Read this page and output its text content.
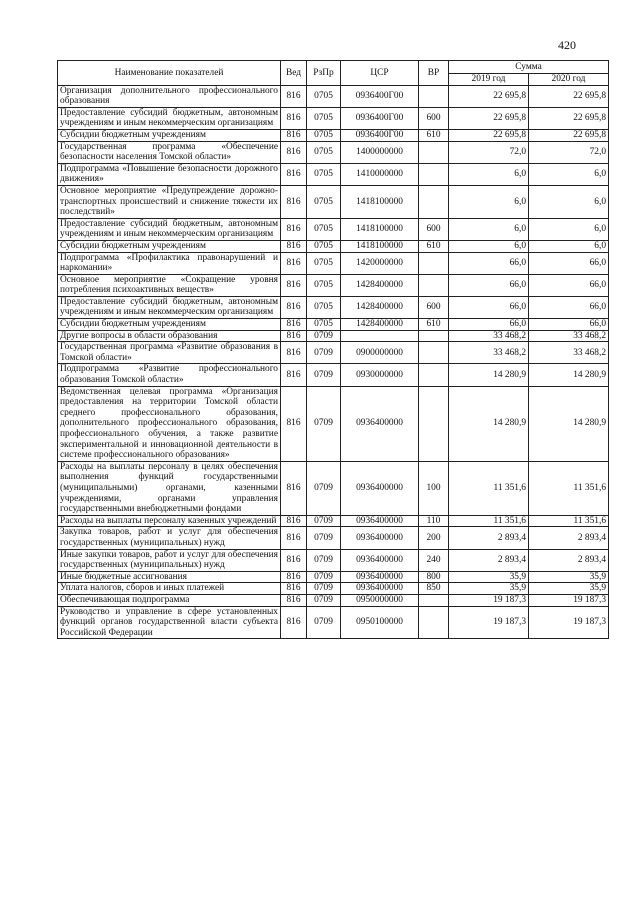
420
Наименование показателей	Вед	РзПр	ЦСР	ВР	Сумма	
					2019 год	2020 год
Организация дополнительного профессионального образования	816	0705	0936400Г00		22 695,8	22 695,8
Предоставление субсидий бюджетным, автономным учреждениям и иным некоммерческим организациям	816	0705	0936400Г00	600	22 695,8	22 695,8
Субсидии бюджетным учреждениям	816	0705	0936400Г00	610	22 695,8	22 695,8
Государственная программа «Обеспечение безопасности населения Томской области»	816	0705	1400000000		72,0	72,0
Подпрограмма «Повышение безопасности дорожного движения»	816	0705	1410000000		6,0	6,0
Основное мероприятие «Предупреждение дорожно-транспортных происшествий и снижение тяжести их последствий»	816	0705	1418100000		6,0	6,0
Предоставление субсидий бюджетным, автономным учреждениям и иным некоммерческим организациям	816	0705	1418100000	600	6,0	6,0
Субсидии бюджетным учреждениям	816	0705	1418100000	610	6,0	6,0
Подпрограмма «Профилактика правонарушений и наркомании»	816	0705	1420000000		66,0	66,0
Основное мероприятие «Сокращение уровня потребления психоактивных веществ»	816	0705	1428400000		66,0	66,0
Предоставление субсидий бюджетным, автономным учреждениям и иным некоммерческим организациям	816	0705	1428400000	600	66,0	66,0
Субсидии бюджетным учреждениям	816	0705	1428400000	610	66,0	66,0
Другие вопросы в области образования	816	0709			33 468,2	33 468,2
Государственная программа «Развитие образования в Томской области»	816	0709	0900000000		33 468,2	33 468,2
Подпрограмма «Развитие профессионального образования Томской области»	816	0709	0930000000		14 280,9	14 280,9
Ведомственная целевая программа «Организация предоставления на территории Томской области среднего профессионального образования, дополнительного профессионального образования, профессионального обучения, а также развитие экспериментальной и инновационной деятельности в системе профессионального образования»	816	0709	0936400000		14 280,9	14 280,9
Расходы на выплаты персоналу в целях обеспечения выполнения функций государственными (муниципальными) органами, казенными учреждениями, органами управления государственными внебюджетными фондами	816	0709	0936400000	100	11 351,6	11 351,6
Расходы на выплаты персоналу казенных учреждений	816	0709	0936400000	110	11 351,6	11 351,6
Закупка товаров, работ и услуг для обеспечения государственных (муниципальных) нужд	816	0709	0936400000	200	2 893,4	2 893,4
Иные закупки товаров, работ и услуг для обеспечения государственных (муниципальных) нужд	816	0709	0936400000	240	2 893,4	2 893,4
Иные бюджетные ассигнования	816	0709	0936400000	800	35,9	35,9
Уплата налогов, сборов и иных платежей	816	0709	0936400000	850	35,9	35,9
Обеспечивающая подпрограмма	816	0709	0950000000		19 187,3	19 187,3
Руководство и управление в сфере установленных функций органов государственной власти субъекта Российской Федерации	816	0709	0950100000		19 187,3	19 187,3
